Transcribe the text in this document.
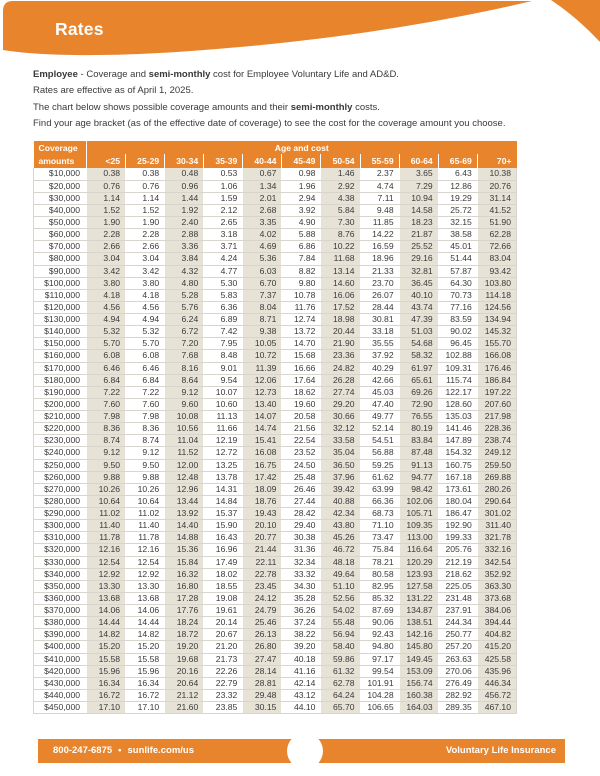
Rates

Employee - Coverage and semi-monthly cost for Employee Voluntary Life and AD&D.

Rates are effective as of April 1, 2025.

The chart below shows possible coverage amounts and their semi-monthly costs.

Find your age bracket (as of the effective date of coverage) to see the cost for the coverage amount you choose.

Coverage	Age and cost										
amounts	<25	25-29	30-34	35-39	40-44	45-49	50-54	55-59	60-64	65-69	70+
$10,000	0.38	0.38	0.48	0.53	0.67	0.98	1.46	2.37	3.65	6.43	10.38
$20,000	0.76	0.76	0.96	1.06	1.34	1.96	2.92	4.74	7.29	12.86	20.76
$30,000	1.14	1.14	1.44	1.59	2.01	2.94	4.38	7.11	10.94	19.29	31.14
$40,000	1.52	1.52	1.92	2.12	2.68	3.92	5.84	9.48	14.58	25.72	41.52
$50,000	1.90	1.90	2.40	2.65	3.35	4.90	7.30	11.85	18.23	32.15	51.90
$60,000	2.28	2.28	2.88	3.18	4.02	5.88	8.76	14.22	21.87	38.58	62.28
$70,000	2.66	2.66	3.36	3.71	4.69	6.86	10.22	16.59	25.52	45.01	72.66
$80,000	3.04	3.04	3.84	4.24	5.36	7.84	11.68	18.96	29.16	51.44	83.04
$90,000	3.42	3.42	4.32	4.77	6.03	8.82	13.14	21.33	32.81	57.87	93.42
$100,000	3.80	3.80	4.80	5.30	6.70	9.80	14.60	23.70	36.45	64.30	103.80
$110,000	4.18	4.18	5.28	5.83	7.37	10.78	16.06	26.07	40.10	70.73	114.18
$120,000	4.56	4.56	5.76	6.36	8.04	11.76	17.52	28.44	43.74	77.16	124.56
$130,000	4.94	4.94	6.24	6.89	8.71	12.74	18.98	30.81	47.39	83.59	134.94
$140,000	5.32	5.32	6.72	7.42	9.38	13.72	20.44	33.18	51.03	90.02	145.32
$150,000	5.70	5.70	7.20	7.95	10.05	14.70	21.90	35.55	54.68	96.45	155.70
$160,000	6.08	6.08	7.68	8.48	10.72	15.68	23.36	37.92	58.32	102.88	166.08
$170,000	6.46	6.46	8.16	9.01	11.39	16.66	24.82	40.29	61.97	109.31	176.46
$180,000	6.84	6.84	8.64	9.54	12.06	17.64	26.28	42.66	65.61	115.74	186.84
$190,000	7.22	7.22	9.12	10.07	12.73	18.62	27.74	45.03	69.26	122.17	197.22
$200,000	7.60	7.60	9.60	10.60	13.40	19.60	29.20	47.40	72.90	128.60	207.60
$210,000	7.98	7.98	10.08	11.13	14.07	20.58	30.66	49.77	76.55	135.03	217.98
$220,000	8.36	8.36	10.56	11.66	14.74	21.56	32.12	52.14	80.19	141.46	228.36
$230,000	8.74	8.74	11.04	12.19	15.41	22.54	33.58	54.51	83.84	147.89	238.74
$240,000	9.12	9.12	11.52	12.72	16.08	23.52	35.04	56.88	87.48	154.32	249.12
$250,000	9.50	9.50	12.00	13.25	16.75	24.50	36.50	59.25	91.13	160.75	259.50
$260,000	9.88	9.88	12.48	13.78	17.42	25.48	37.96	61.62	94.77	167.18	269.88
$270,000	10.26	10.26	12.96	14.31	18.09	26.46	39.42	63.99	98.42	173.61	280.26
$280,000	10.64	10.64	13.44	14.84	18.76	27.44	40.88	66.36	102.06	180.04	290.64
$290,000	11.02	11.02	13.92	15.37	19.43	28.42	42.34	68.73	105.71	186.47	301.02
$300,000	11.40	11.40	14.40	15.90	20.10	29.40	43.80	71.10	109.35	192.90	311.40
$310,000	11.78	11.78	14.88	16.43	20.77	30.38	45.26	73.47	113.00	199.33	321.78
$320,000	12.16	12.16	15.36	16.96	21.44	31.36	46.72	75.84	116.64	205.76	332.16
$330,000	12.54	12.54	15.84	17.49	22.11	32.34	48.18	78.21	120.29	212.19	342.54
$340,000	12.92	12.92	16.32	18.02	22.78	33.32	49.64	80.58	123.93	218.62	352.92
$350,000	13.30	13.30	16.80	18.55	23.45	34.30	51.10	82.95	127.58	225.05	363.30
$360,000	13.68	13.68	17.28	19.08	24.12	35.28	52.56	85.32	131.22	231.48	373.68
$370,000	14.06	14.06	17.76	19.61	24.79	36.26	54.02	87.69	134.87	237.91	384.06
$380,000	14.44	14.44	18.24	20.14	25.46	37.24	55.48	90.06	138.51	244.34	394.44
$390,000	14.82	14.82	18.72	20.67	26.13	38.22	56.94	92.43	142.16	250.77	404.82
$400,000	15.20	15.20	19.20	21.20	26.80	39.20	58.40	94.80	145.80	257.20	415.20
$410,000	15.58	15.58	19.68	21.73	27.47	40.18	59.86	97.17	149.45	263.63	425.58
$420,000	15.96	15.96	20.16	22.26	28.14	41.16	61.32	99.54	153.09	270.06	435.96
$430,000	16.34	16.34	20.64	22.79	28.81	42.14	62.78	101.91	156.74	276.49	446.34
$440,000	16.72	16.72	21.12	23.32	29.48	43.12	64.24	104.28	160.38	282.92	456.72
$450,000	17.10	17.10	21.60	23.85	30.15	44.10	65.70	106.65	164.03	289.35	467.10
800-247-6875 • sunlife.com/us	Voluntary Life Insurance
